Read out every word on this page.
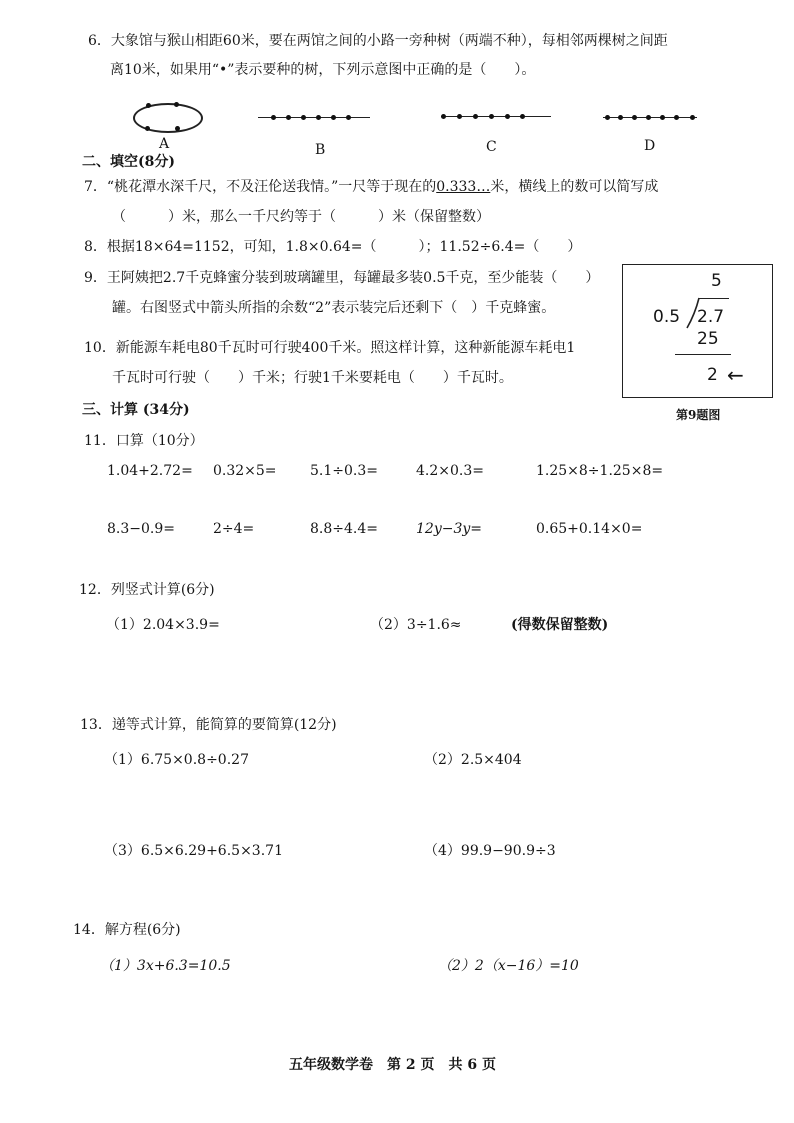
6．大象馆与猴山相距60米，要在两馆之间的小路一旁种树（两端不种），每相邻两棵树之间距
离10米，如果用“•”表示要种的树，下列示意图中正确的是（　　）。
A	B	C	D
二、填空(8分)
7．“桃花潭水深千尺，不及汪伦送我情。”一尺等于现在的0.333…米，横线上的数可以简写成
（　　　）米，那么一千尺约等于（　　　）米（保留整数）
8．根据18×64=1152，可知，1.8×0.64=（　　　）；11.52÷6.4=（　　）
9．王阿姨把2.7千克蜂蜜分装到玻璃罐里，每罐最多装0.5千克，至少能装（　　）
罐。右图竖式中箭头所指的余数“2”表示装完后还剩下（　）千克蜂蜜。
5
0.5 2.7
25
2 ←
第9题图
10．新能源车耗电80千瓦时可行驶400千米。照这样计算，这种新能源车耗电1
千瓦时可行驶（　　）千米；行驶1千米要耗电（　　）千瓦时。
三、计算 (34分)
11．口算（10分）
1.04+2.72= 0.32×5= 5.1÷0.3=	4.2×0.3=	1.25×8÷1.25×8=
8.3−0.9=	2÷4=	8.8÷4.4=	12y−3y=	0.65+0.14×0=
12．列竖式计算(6分)
（1）2.04×3.9=	（2）3÷1.6≈	(得数保留整数)
13．递等式计算，能简算的要简算(12分)
（1）6.75×0.8÷0.27	（2）2.5×404
（3）6.5×6.29+6.5×3.71	（4）99.9−90.9÷3
14．解方程(6分)
（1）3x+6.3=10.5	（2）2（x−16）=10
五年级数学卷　第 2 页　共 6 页
